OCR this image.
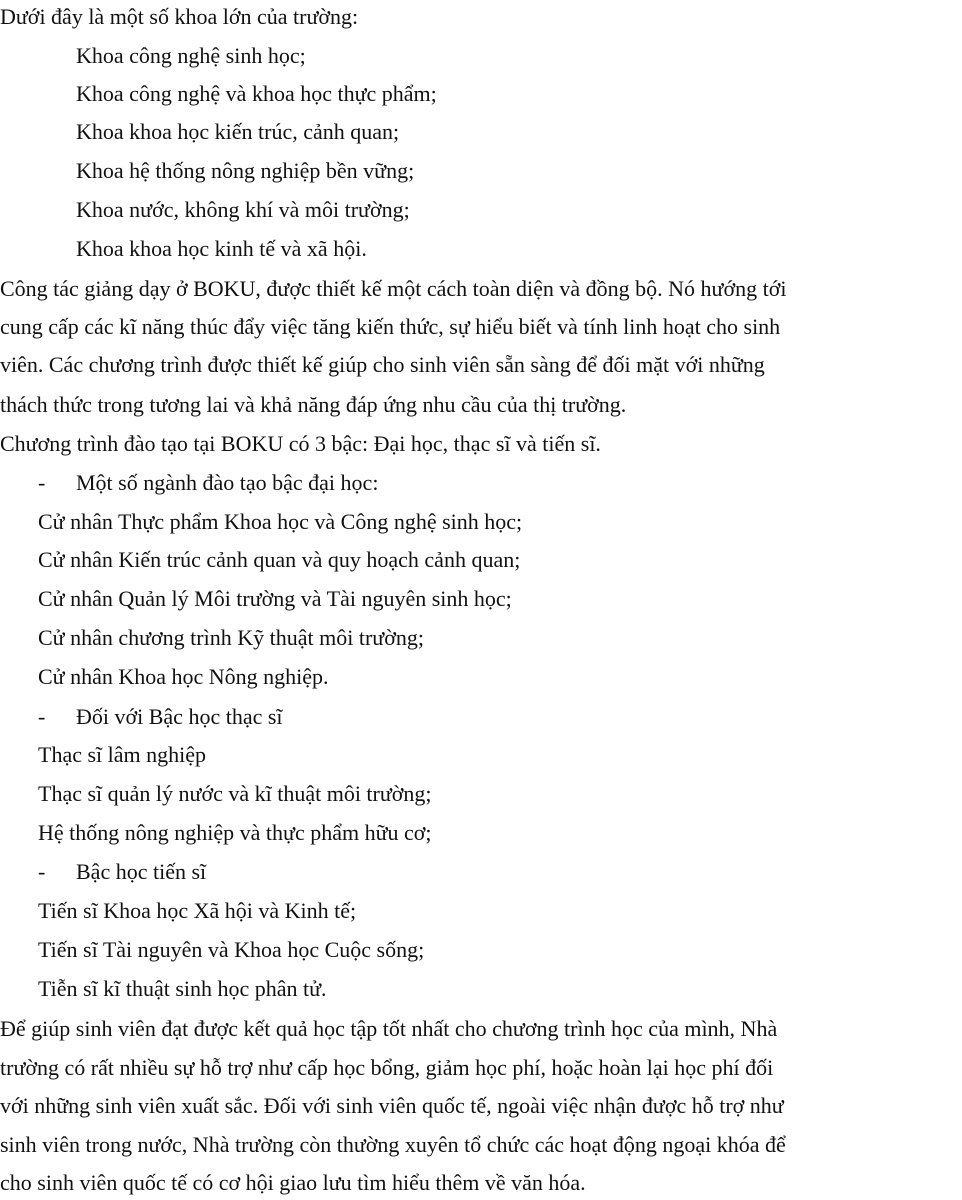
Dưới đây là một số khoa lớn của trường:
Khoa công nghệ sinh học;
Khoa công nghệ và khoa học thực phẩm;
Khoa khoa học kiến trúc, cảnh quan;
Khoa hệ thống nông nghiệp bền vững;
Khoa nước, không khí và môi trường;
Khoa khoa học kinh tế và xã hội.
Công tác giảng dạy ở BOKU, được thiết kế một cách toàn diện và đồng bộ. Nó hướng tới
cung cấp các kĩ năng thúc đẩy việc tăng kiến thức, sự hiểu biết và tính linh hoạt cho sinh
viên. Các chương trình được thiết kế giúp cho sinh viên sẵn sàng để đối mặt với những
thách thức trong tương lai và khả năng đáp ứng nhu cầu của thị trường.
Chương trình đào tạo tại BOKU có 3 bậc: Đại học, thạc sĩ và tiến sĩ.
- Một số ngành đào tạo bậc đại học:
Cử nhân Thực phẩm Khoa học và Công nghệ sinh học;
Cử nhân Kiến trúc cảnh quan và quy hoạch cảnh quan;
Cử nhân Quản lý Môi trường và Tài nguyên sinh học;
Cử nhân chương trình Kỹ thuật môi trường;
Cử nhân Khoa học Nông nghiệp.
- Đối với Bậc học thạc sĩ
Thạc sĩ lâm nghiệp
Thạc sĩ quản lý nước và kĩ thuật môi trường;
Hệ thống nông nghiệp và thực phẩm hữu cơ;
- Bậc học tiến sĩ
Tiến sĩ Khoa học Xã hội và Kinh tế;
Tiến sĩ Tài nguyên và Khoa học Cuộc sống;
Tiễn sĩ kĩ thuật sinh học phân tử.
Để giúp sinh viên đạt được kết quả học tập tốt nhất cho chương trình học của mình, Nhà
trường có rất nhiều sự hỗ trợ như cấp học bổng, giảm học phí, hoặc hoàn lại học phí đối
với những sinh viên xuất sắc. Đối với sinh viên quốc tế, ngoài việc nhận được hỗ trợ như
sinh viên trong nước, Nhà trường còn thường xuyên tổ chức các hoạt động ngoại khóa để
cho sinh viên quốc tế có cơ hội giao lưu tìm hiểu thêm về văn hóa.
